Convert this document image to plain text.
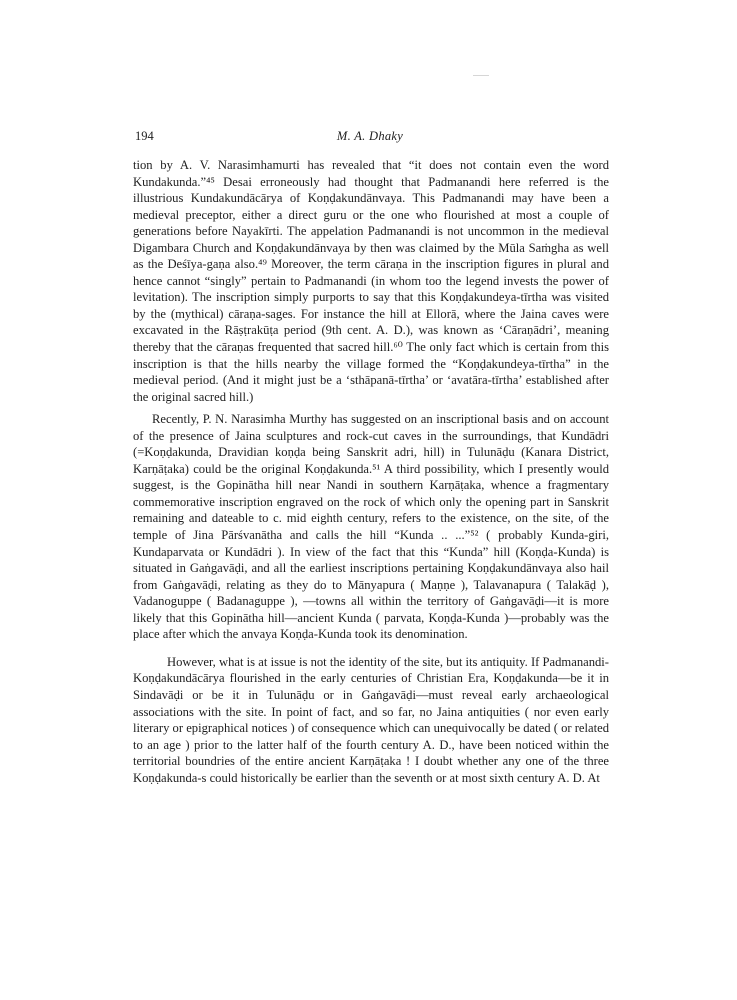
194	M. A. Dhaky

tion by A. V. Narasimhamurti has revealed that “it does not contain even the word Kundakunda.”⁴⁵ Desai erroneously had thought that Padmanandi here referred is the illustrious Kundakundācārya of Koṇḍakundānvaya. This Padmanandi may have been a medieval preceptor, either a direct guru or the one who flourished at most a couple of generations before Nayakīrti. The appelation Padmanandi is not uncommon in the medieval Digambara Church and Koṇḍakundānvaya by then was claimed by the Mūla Saṁgha as well as the Deśīya-gaṇa also.⁴⁹ Moreover, the term cāraṇa in the inscription figures in plural and hence cannot “singly” pertain to Padmanandi (in whom too the legend invests the power of levitation). The inscription simply purports to say that this Koṇḍakundeya-tīrtha was visited by the (mythical) cāraṇa-sages. For instance the hill at Ellorā, where the Jaina caves were excavated in the Rāṣṭrakūṭa period (9th cent. A. D.), was known as ‘Cāraṇādri’, meaning thereby that the cāraṇas frequented that sacred hill.⁶⁰ The only fact which is certain from this inscription is that the hills nearby the village formed the “Koṇḍakundeya-tīrtha” in the medieval period. (And it might just be a ‘sthāpanā-tīrtha’ or ‘avatāra-tīrtha’ established after the original sacred hill.)

Recently, P. N. Narasimha Murthy has suggested on an inscriptional basis and on account of the presence of Jaina sculptures and rock-cut caves in the surroundings, that Kundādri (=Koṇḍakunda, Dravidian koṇḍa being Sanskrit adri, hill) in Tulunāḍu (Kanara District, Karṇāṭaka) could be the original Koṇḍakunda.⁵¹ A third possibility, which I presently would suggest, is the Gopinātha hill near Nandi in southern Karṇāṭaka, whence a fragmentary commemorative inscription engraved on the rock of which only the opening part in Sanskrit remaining and dateable to c. mid eighth century, refers to the existence, on the site, of the temple of Jina Pārśvanātha and calls the hill “Kunda .. ...”⁵² ( probably Kunda-giri, Kundaparvata or Kundādri ). In view of the fact that this “Kunda” hill (Koṇḍa-Kunda) is situated in Gaṅgavāḍi, and all the earliest inscriptions pertaining Koṇḍakundānvaya also hail from Gaṅgavāḍi, relating as they do to Mānyapura ( Maṇṇe ), Talavanapura ( Talakāḍ ), Vadanoguppe ( Badanaguppe ), —towns all within the territory of Gaṅgavāḍi—it is more likely that this Gopinātha hill—ancient Kunda ( parvata, Koṇḍa-Kunda )—probably was the place after which the anvaya Koṇḍa-Kunda took its denomination.

However, what is at issue is not the identity of the site, but its antiquity. If Padmanandi-Koṇḍakundācārya flourished in the early centuries of Christian Era, Koṇḍakunda—be it in Sindavāḍi or be it in Tulunāḍu or in Gaṅgavāḍi—must reveal early archaeological associations with the site. In point of fact, and so far, no Jaina antiquities ( nor even early literary or epigraphical notices ) of consequence which can unequivocally be dated ( or related to an age ) prior to the latter half of the fourth century A. D., have been noticed within the territorial boundries of the entire ancient Karṇāṭaka ! I doubt whether any one of the three Koṇḍakunda-s could historically be earlier than the seventh or at most sixth century A. D. At
